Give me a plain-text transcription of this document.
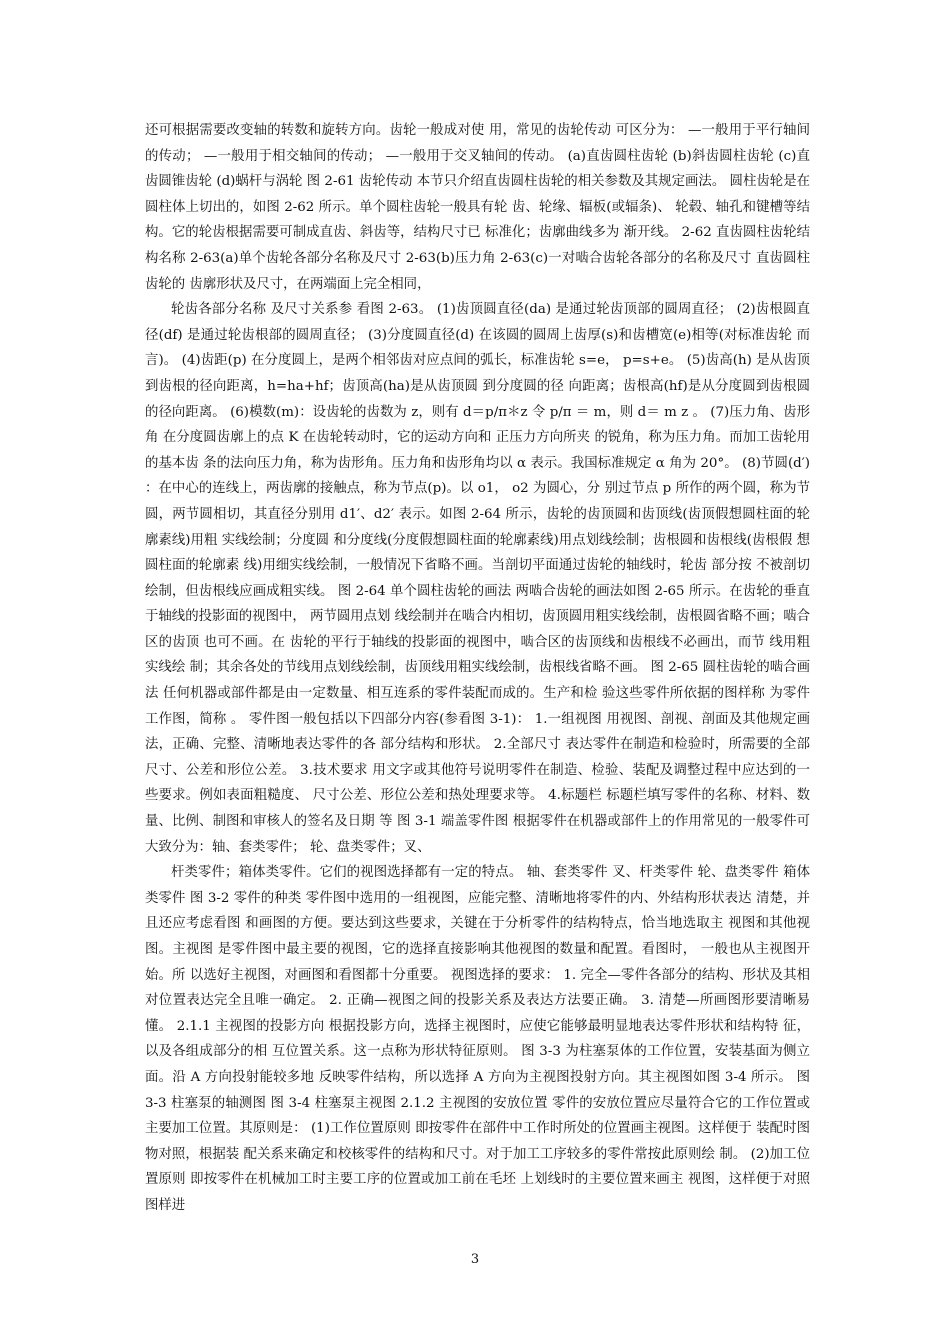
还可根据需要改变轴的转数和旋转方向。齿轮一般成对使 用，常见的齿轮传动 可区分为： —一般用于平行轴间的传动； —一般用于相交轴间的传动； —一般用于交叉轴间的传动。 (a)直齿圆柱齿轮 (b)斜齿圆柱齿轮 (c)直齿圆锥齿轮 (d)蜗杆与涡轮 图 2-61 齿轮传动 本节只介绍直齿圆柱齿轮的相关参数及其规定画法。 圆柱齿轮是在圆柱体上切出的，如图 2-62 所示。单个圆柱齿轮一般具有轮 齿、轮缘、辐板(或辐条)、 轮毂、轴孔和键槽等结构。它的轮齿根据需要可制成直齿、斜齿等，结构尺寸已 标准化；齿廓曲线多为 渐开线。 2-62 直齿圆柱齿轮结构名称 2-63(a)单个齿轮各部分名称及尺寸 2-63(b)压力角 2-63(c)一对啮合齿轮各部分的名称及尺寸 直齿圆柱齿轮的 齿廓形状及尺寸，在两端面上完全相同，

轮齿各部分名称 及尺寸关系参 看图 2-63。 (1)齿顶圆直径(da) 是通过轮齿顶部的圆周直径； (2)齿根圆直径(df) 是通过轮齿根部的圆周直径； (3)分度圆直径(d) 在该圆的圆周上齿厚(s)和齿槽宽(e)相等(对标准齿轮 而言)。 (4)齿距(p) 在分度圆上，是两个相邻齿对应点间的弧长，标准齿轮 s=e， p=s+e。 (5)齿高(h) 是从齿顶到齿根的径向距离，h=ha+hf；齿顶高(ha)是从齿顶圆 到分度圆的径 向距离；齿根高(hf)是从分度圆到齿根圆的径向距离。 (6)模数(m)：设齿轮的齿数为 z，则有 d＝p/π＊z 令 p/π ＝ m，则 d＝ m z 。 (7)压力角、齿形角 在分度圆齿廓上的点 K 在齿轮转动时，它的运动方向和 正压力方向所夹 的锐角，称为压力角。而加工齿轮用的基本齿 条的法向压力角，称为齿形角。压力角和齿形角均以 α 表示。我国标准规定 α 角为 20°。 (8)节圆(d′) ：在中心的连线上，两齿廓的接触点，称为节点(p)。以 o1， o2 为圆心，分 别过节点 p 所作的两个圆，称为节圆，两节圆相切，其直径分别用 d1′、d2′ 表示。如图 2-64 所示，齿轮的齿顶圆和齿顶线(齿顶假想圆柱面的轮廓素线)用粗 实线绘制；分度圆 和分度线(分度假想圆柱面的轮廓素线)用点划线绘制；齿根圆和齿根线(齿根假 想圆柱面的轮廓素 线)用细实线绘制，一般情况下省略不画。当剖切平面通过齿轮的轴线时，轮齿 部分按 不被剖切绘制，但齿根线应画成粗实线。 图 2-64 单个圆柱齿轮的画法 两啮合齿轮的画法如图 2-65 所示。在齿轮的垂直于轴线的投影面的视图中， 两节圆用点划 线绘制并在啮合内相切，齿顶圆用粗实线绘制，齿根圆省略不画；啮合区的齿顶 也可不画。在 齿轮的平行于轴线的投影面的视图中，啮合区的齿顶线和齿根线不必画出，而节 线用粗实线绘 制；其余各处的节线用点划线绘制，齿顶线用粗实线绘制，齿根线省略不画。 图 2-65 圆柱齿轮的啮合画法 任何机器或部件都是由一定数量、相互连系的零件装配而成的。生产和检 验这些零件所依据的图样称 为零件工作图，简称 。 零件图一般包括以下四部分内容(参看图 3-1)： 1.一组视图 用视图、剖视、剖面及其他规定画法，正确、完整、清晰地表达零件的各 部分结构和形状。 2.全部尺寸 表达零件在制造和检验时，所需要的全部尺寸、公差和形位公差。 3.技术要求 用文字或其他符号说明零件在制造、检验、装配及调整过程中应达到的一 些要求。例如表面粗糙度、 尺寸公差、形位公差和热处理要求等。 4.标题栏 标题栏填写零件的名称、材料、数量、比例、制图和审核人的签名及日期 等 图 3-1 端盖零件图 根据零件在机器或部件上的作用常见的一般零件可大致分为：轴、套类零件； 轮、盘类零件；叉、

杆类零件；箱体类零件。它们的视图选择都有一定的特点。 轴、套类零件 叉、杆类零件 轮、盘类零件 箱体类零件 图 3-2 零件的种类 零件图中选用的一组视图，应能完整、清晰地将零件的内、外结构形状表达 清楚，并且还应考虑看图 和画图的方便。要达到这些要求，关键在于分析零件的结构特点，恰当地选取主 视图和其他视图。主视图 是零件图中最主要的视图，它的选择直接影响其他视图的数量和配置。看图时， 一般也从主视图开始。所 以选好主视图，对画图和看图都十分重要。 视图选择的要求： 1. 完全—零件各部分的结构、形状及其相对位置表达完全且唯一确定。 2. 正确—视图之间的投影关系及表达方法要正确。 3. 清楚—所画图形要清晰易懂。 2.1.1 主视图的投影方向 根据投影方向，选择主视图时，应使它能够最明显地表达零件形状和结构特 征，以及各组成部分的相 互位置关系。这一点称为形状特征原则。 图 3-3 为柱塞泵体的工作位置，安装基面为侧立面。沿 A 方向投射能较多地 反映零件结构，所以选择 A 方向为主视图投射方向。其主视图如图 3-4 所示。 图 3-3 柱塞泵的轴测图 图 3-4 柱塞泵主视图 2.1.2 主视图的安放位置 零件的安放位置应尽量符合它的工作位置或主要加工位置。其原则是： (1)工作位置原则 即按零件在部件中工作时所处的位置画主视图。这样便于 装配时图物对照，根据装 配关系来确定和校核零件的结构和尺寸。对于加工工序较多的零件常按此原则绘 制。 (2)加工位置原则 即按零件在机械加工时主要工序的位置或加工前在毛坯 上划线时的主要位置来画主 视图，这样便于对照图样进

3
